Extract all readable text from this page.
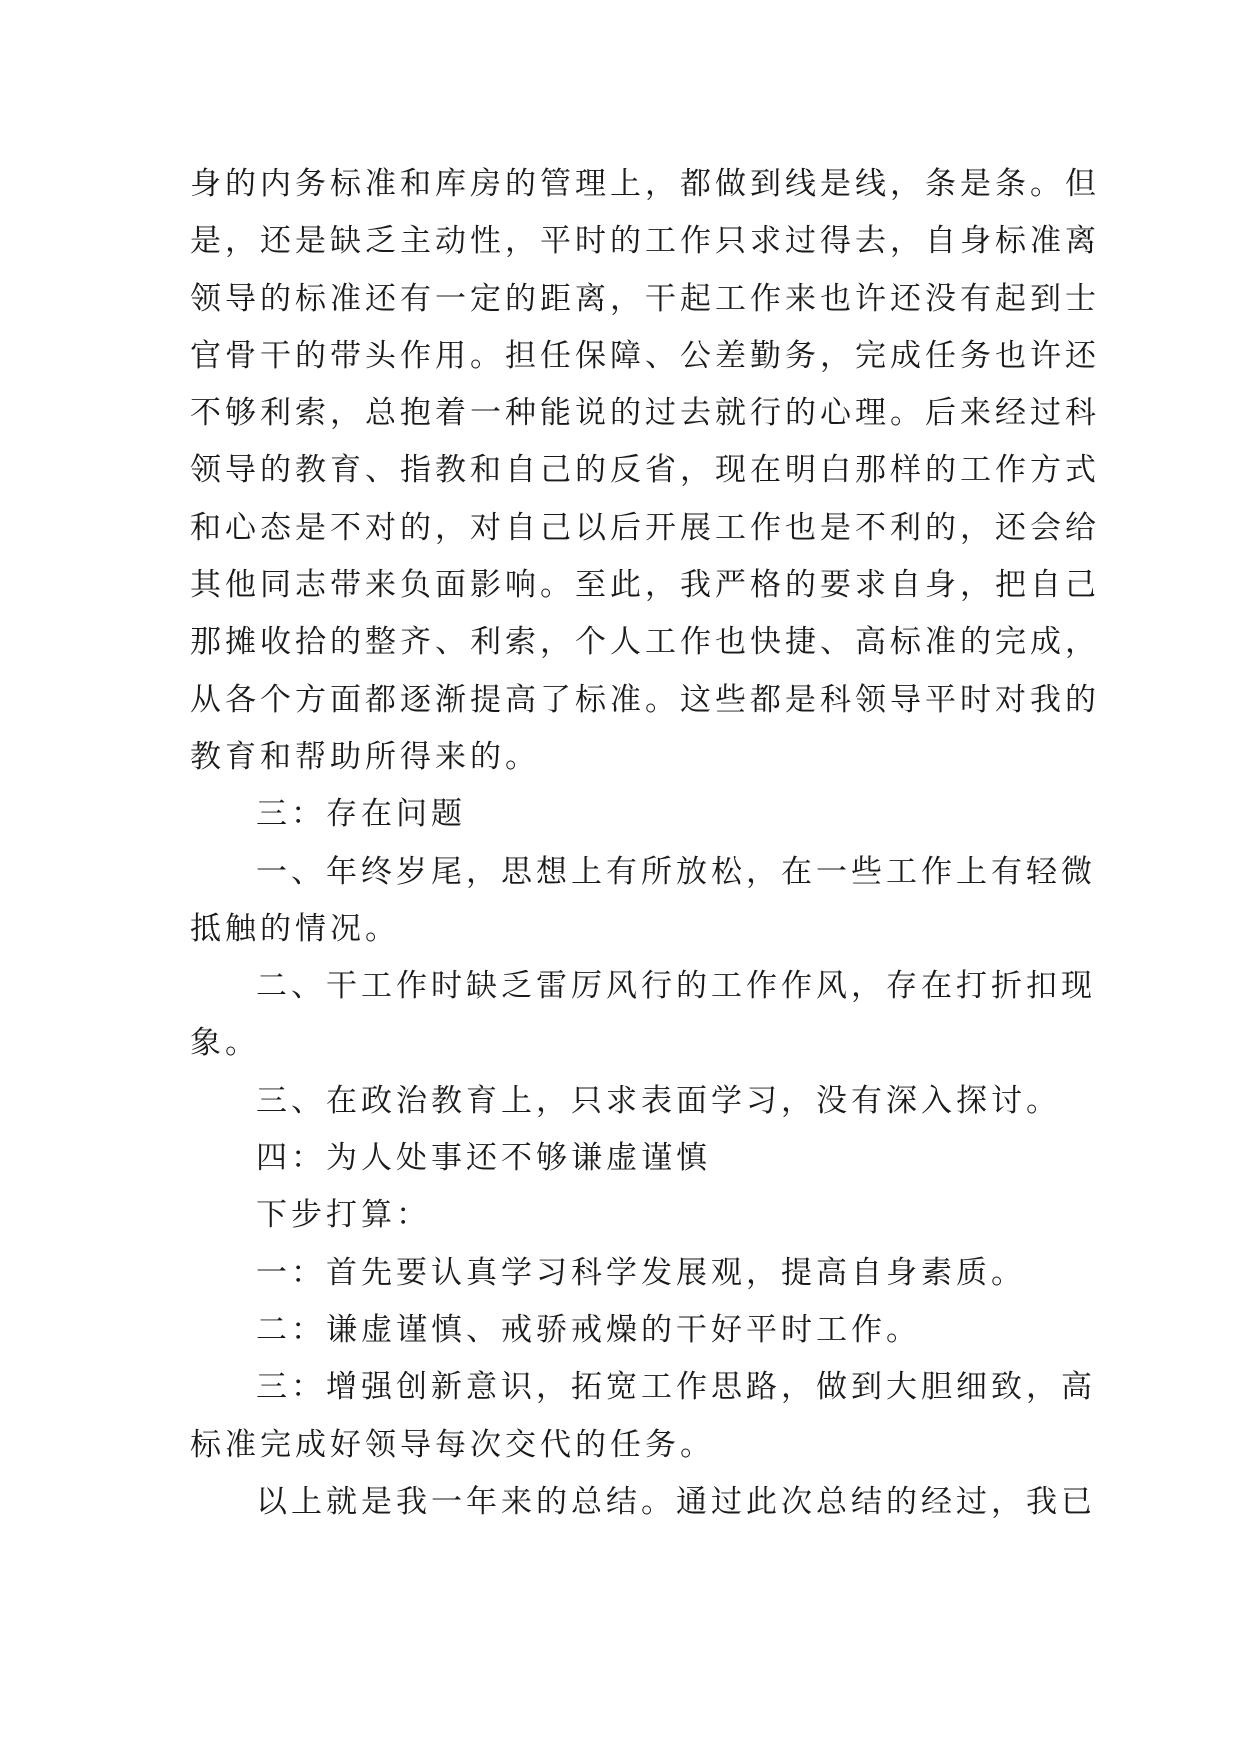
身的内务标准和库房的管理上，都做到线是线，条是条。但

是，还是缺乏主动性，平时的工作只求过得去，自身标准离

领导的标准还有一定的距离，干起工作来也许还没有起到士

官骨干的带头作用。担任保障、公差勤务，完成任务也许还

不够利索，总抱着一种能说的过去就行的心理。后来经过科

领导的教育、指教和自己的反省，现在明白那样的工作方式

和心态是不对的，对自己以后开展工作也是不利的，还会给

其他同志带来负面影响。至此，我严格的要求自身，把自己

那摊收拾的整齐、利索，个人工作也快捷、高标准的完成，

从各个方面都逐渐提高了标准。这些都是科领导平时对我的

教育和帮助所得来的。

三：存在问题

一、年终岁尾，思想上有所放松，在一些工作上有轻微

抵触的情况。

二、干工作时缺乏雷厉风行的工作作风，存在打折扣现

象。

三、在政治教育上，只求表面学习，没有深入探讨。

四：为人处事还不够谦虚谨慎

下步打算：

一：首先要认真学习科学发展观，提高自身素质。

二：谦虚谨慎、戒骄戒燥的干好平时工作。

三：增强创新意识，拓宽工作思路，做到大胆细致，高

标准完成好领导每次交代的任务。

以上就是我一年来的总结。通过此次总结的经过，我已
